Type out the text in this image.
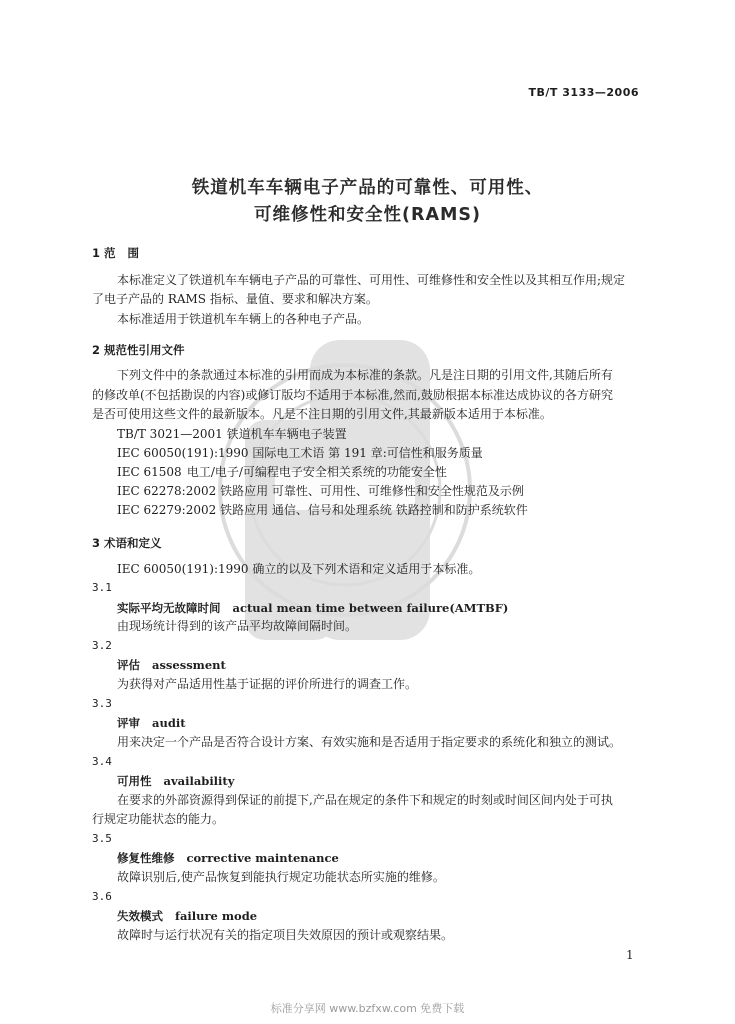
TB/T 3133—2006
铁道机车车辆电子产品的可靠性、可用性、
可维修性和安全性(RAMS)
1 范   围
本标准定义了铁道机车车辆电子产品的可靠性、可用性、可维修性和安全性以及其相互作用;规定
了电子产品的 RAMS 指标、量值、要求和解决方案。
本标准适用于铁道机车车辆上的各种电子产品。
2 规范性引用文件
下列文件中的条款通过本标准的引用而成为本标准的条款。凡是注日期的引用文件,其随后所有
的修改单(不包括勘误的内容)或修订版均不适用于本标准,然而,鼓励根据本标准达成协议的各方研究
是否可使用这些文件的最新版本。凡是不注日期的引用文件,其最新版本适用于本标准。
TB/T 3021—2001 铁道机车车辆电子装置
IEC 60050(191):1990 国际电工术语 第 191 章:可信性和服务质量
IEC 61508 电工/电子/可编程电子安全相关系统的功能安全性
IEC 62278:2002 铁路应用 可靠性、可用性、可维修性和安全性规范及示例
IEC 62279:2002 铁路应用 通信、信号和处理系统 铁路控制和防护系统软件
3 术语和定义
IEC 60050(191):1990 确立的以及下列术语和定义适用于本标准。
3.1
实际平均无故障时间 actual mean time between failure(AMTBF)
由现场统计得到的该产品平均故障间隔时间。
3.2
评估 assessment
为获得对产品适用性基于证据的评价所进行的调查工作。
3.3
评审 audit
用来决定一个产品是否符合设计方案、有效实施和是否适用于指定要求的系统化和独立的测试。
3.4
可用性 availability
在要求的外部资源得到保证的前提下,产品在规定的条件下和规定的时刻或时间区间内处于可执
行规定功能状态的能力。
3.5
修复性维修 corrective maintenance
故障识别后,使产品恢复到能执行规定功能状态所实施的维修。
3.6
失效模式 failure mode
故障时与运行状况有关的指定项目失效原因的预计或观察结果。
1
标准分享网 www.bzfxw.com 免费下载
